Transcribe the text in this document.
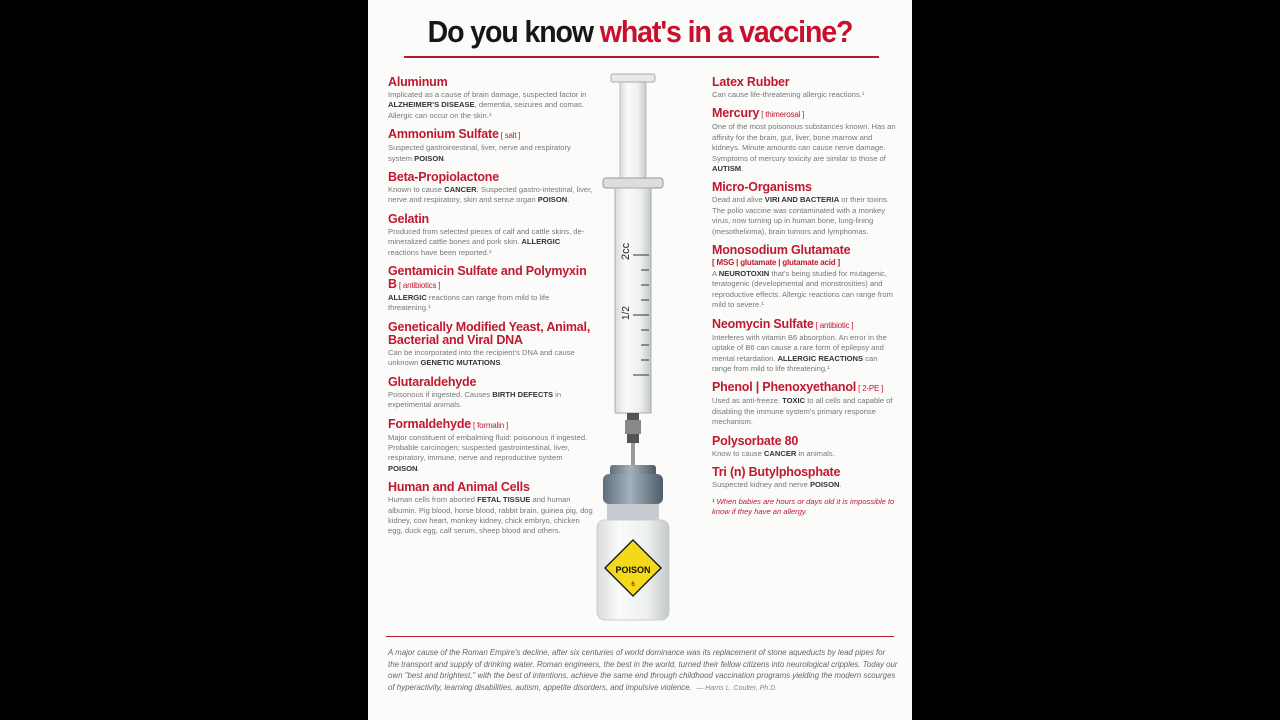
Do you know what's in a vaccine?
Aluminum
Implicated as a cause of brain damage, suspected factor in ALZHEIMER'S DISEASE, dementia, seizures and comas. Allergic can occur on the skin.¹
Ammonium Sulfate [ salt ]
Suspected gastrointestinal, liver, nerve and respiratory system POISON.
Beta-Propiolactone
Known to cause CANCER. Suspected gastro-intestinal, liver, nerve and respiratory, skin and sense organ POISON.
Gelatin
Produced from selected pieces of calf and cattle skins, de-mineralized cattle bones and pork skin. ALLERGIC reactions have been reported.¹
Gentamicin Sulfate and Polymyxin B [ antibiotics ]
ALLERGIC reactions can range from mild to life threatening.¹
Genetically Modified Yeast, Animal, Bacterial and Viral DNA
Can be incorporated into the recipient's DNA and cause unknown GENETIC MUTATIONS.
Glutaraldehyde
Poisonous if ingested. Causes BIRTH DEFECTS in experimental animals.
Formaldehyde [ formalin ]
Major constituent of embalming fluid: poisonous if ingested. Probable carcinogen; suspected gastrointestinal, liver, respiratory, immune, nerve and reproductive system POISON.
Human and Animal Cells
Human cells from aborted FETAL TISSUE and human albumin. Pig blood, horse blood, rabbit brain, guinea pig, dog kidney, cow heart, monkey kidney, chick embryo, chicken egg, duck egg, calf serum, sheep blood and others.
Latex Rubber
Can cause life-threatening allergic reactions.¹
Mercury [ thimerosal ]
One of the most poisonous substances known. Has an affinity for the brain, gut, liver, bone marrow and kidneys. Minute amounts can cause nerve damage. Symptoms of mercury toxicity are similar to those of AUTISM.
Micro-Organisms
Dead and alive VIRI AND BACTERIA or their toxins. The polio vaccine was contaminated with a monkey virus, now turning up in human bone, lung-lining (mesothelioma), brain tumors and lymphomas.
Monosodium Glutamate
[ MSG | glutamate | glutamate acid ]
A NEUROTOXIN that's being studied for mutagenic, teratogenic (developmental and monstrosities) and reproductive effects. Allergic reactions can range from mild to severe.¹
Neomycin Sulfate [ antibiotic ]
Interferes with vitamin B6 absorption. An error in the uptake of B6 can cause a rare form of epilepsy and mental retardation. ALLERGIC REACTIONS can range from mild to life threatening.¹
Phenol | Phenoxyethanol [ 2-PE ]
Used as anti-freeze. TOXIC to all cells and capable of disabling the immune system's primary response mechanism.
Polysorbate 80
Know to cause CANCER in animals.
Tri (n) Butylphosphate
Suspected kidney and nerve POISON.
¹ When babies are hours or days old it is impossible to know if they have an allergy.
2cc
1/2
POISON
6
A major cause of the Roman Empire's decline, after six centuries of world dominance was its replacement of stone aqueducts by lead pipes for the transport and supply of drinking water. Roman engineers, the best in the world, turned their fellow citizens into neurological cripples. Today our own "best and brightest," with the best of intentions, achieve the same end through childhood vaccination programs yielding the modern scourges of hyperactivity, learning disabilities, autism, appetite disorders, and impulsive violence. — Harris L. Coulter, Ph.D.
